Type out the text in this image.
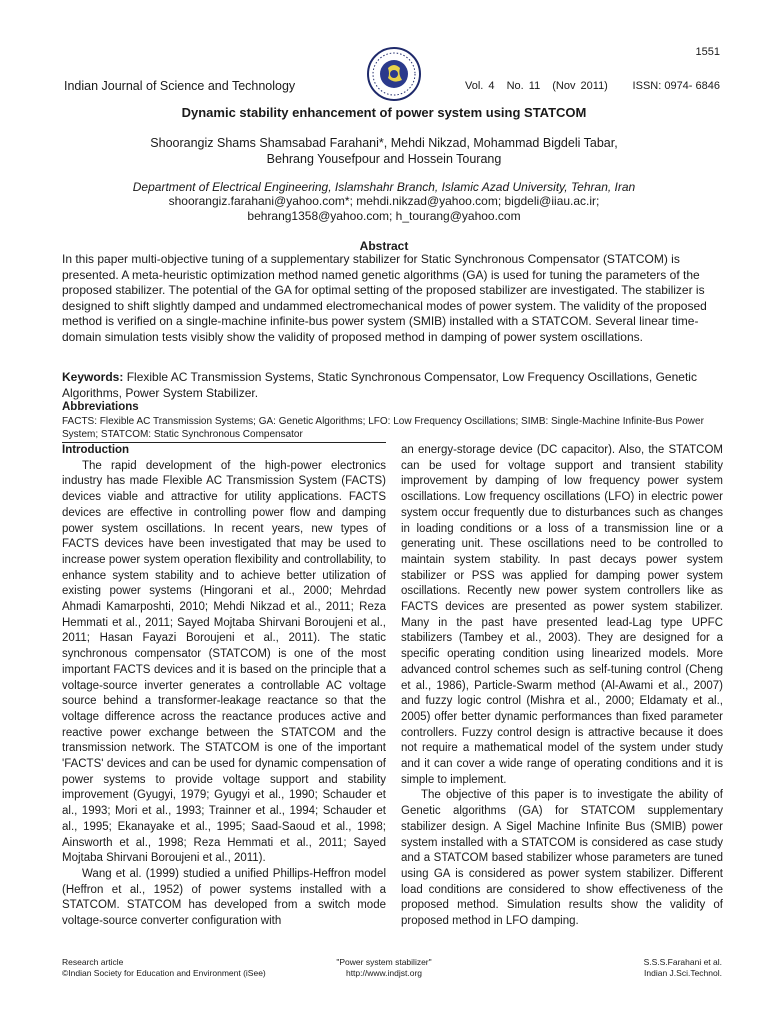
1551
Indian Journal of Science and Technology	Vol. 4 No. 11 (Nov 2011)	ISSN: 0974- 6846
Dynamic stability enhancement of power system using STATCOM
Shoorangiz Shams Shamsabad Farahani*, Mehdi Nikzad, Mohammad Bigdeli Tabar,
Behrang Yousefpour and Hossein Tourang
Department of Electrical Engineering, Islamshahr Branch, Islamic Azad University, Tehran, Iran
shoorangiz.farahani@yahoo.com*; mehdi.nikzad@yahoo.com; bigdeli@iiau.ac.ir;
behrang1358@yahoo.com; h_tourang@yahoo.com
Abstract
In this paper multi-objective tuning of a supplementary stabilizer for Static Synchronous Compensator (STATCOM) is presented. A meta-heuristic optimization method named genetic algorithms (GA) is used for tuning the parameters of the proposed stabilizer. The potential of the GA for optimal setting of the proposed stabilizer are investigated. The stabilizer is designed to shift slightly damped and undammed electromechanical modes of power system. The validity of the proposed method is verified on a single-machine infinite-bus power system (SMIB) installed with a STATCOM. Several linear time-domain simulation tests visibly show the validity of proposed method in damping of power system oscillations.
Keywords: Flexible AC Transmission Systems, Static Synchronous Compensator, Low Frequency Oscillations, Genetic Algorithms, Power System Stabilizer.
Abbreviations
FACTS: Flexible AC Transmission Systems; GA: Genetic Algorithms; LFO: Low Frequency Oscillations; SIMB: Single-Machine Infinite-Bus Power System; STATCOM: Static Synchronous Compensator

Introduction

The rapid development of the high-power electronics industry has made Flexible AC Transmission System (FACTS) devices viable and attractive for utility applications. FACTS devices are effective in controlling power flow and damping power system oscillations. In recent years, new types of FACTS devices have been investigated that may be used to increase power system operation flexibility and controllability, to enhance system stability and to achieve better utilization of existing power systems (Hingorani et al., 2000; Mehrdad Ahmadi Kamarposhti, 2010; Mehdi Nikzad et al., 2011; Reza Hemmati et al., 2011; Sayed Mojtaba Shirvani Boroujeni et al., 2011; Hasan Fayazi Boroujeni et al., 2011). The static synchronous compensator (STATCOM) is one of the most important FACTS devices and it is based on the principle that a voltage-source inverter generates a controllable AC voltage source behind a transformer-leakage reactance so that the voltage difference across the reactance produces active and reactive power exchange between the STATCOM and the transmission network. The STATCOM is one of the important 'FACTS' devices and can be used for dynamic compensation of power systems to provide voltage support and stability improvement (Gyugyi, 1979; Gyugyi et al., 1990; Schauder et al., 1993; Mori et al., 1993; Trainner et al., 1994; Schauder et al., 1995; Ekanayake et al., 1995; Saad-Saoud et al., 1998; Ainsworth et al., 1998; Reza Hemmati et al., 2011; Sayed Mojtaba Shirvani Boroujeni et al., 2011).

Wang et al. (1999) studied a unified Phillips-Heffron model (Heffron et al., 1952) of power systems installed with a STATCOM. STATCOM has developed from a switch mode voltage-source converter configuration with

an energy-storage device (DC capacitor). Also, the STATCOM can be used for voltage support and transient stability improvement by damping of low frequency power system oscillations. Low frequency oscillations (LFO) in electric power system occur frequently due to disturbances such as changes in loading conditions or a loss of a transmission line or a generating unit. These oscillations need to be controlled to maintain system stability. In past decays power system stabilizer or PSS was applied for damping power system oscillations. Recently new power system controllers like as FACTS devices are presented as power system stabilizer. Many in the past have presented lead-Lag type UPFC stabilizers (Tambey et al., 2003). They are designed for a specific operating condition using linearized models. More advanced control schemes such as self-tuning control (Cheng et al., 1986), Particle-Swarm method (Al-Awami et al., 2007) and fuzzy logic control (Mishra et al., 2000; Eldamaty et al., 2005) offer better dynamic performances than fixed parameter controllers. Fuzzy control design is attractive because it does not require a mathematical model of the system under study and it can cover a wide range of operating conditions and it is simple to implement.

The objective of this paper is to investigate the ability of Genetic algorithms (GA) for STATCOM supplementary stabilizer design. A Sigel Machine Infinite Bus (SMIB) power system installed with a STATCOM is considered as case study and a STATCOM based stabilizer whose parameters are tuned using GA is considered as power system stabilizer. Different load conditions are considered to show effectiveness of the proposed method. Simulation results show the validity of proposed method in LFO damping.

Research article
©Indian Society for Education and Environment (iSee)
"Power system stabilizer"
http://www.indjst.org
S.S.S.Farahani et al.
Indian J.Sci.Technol.
